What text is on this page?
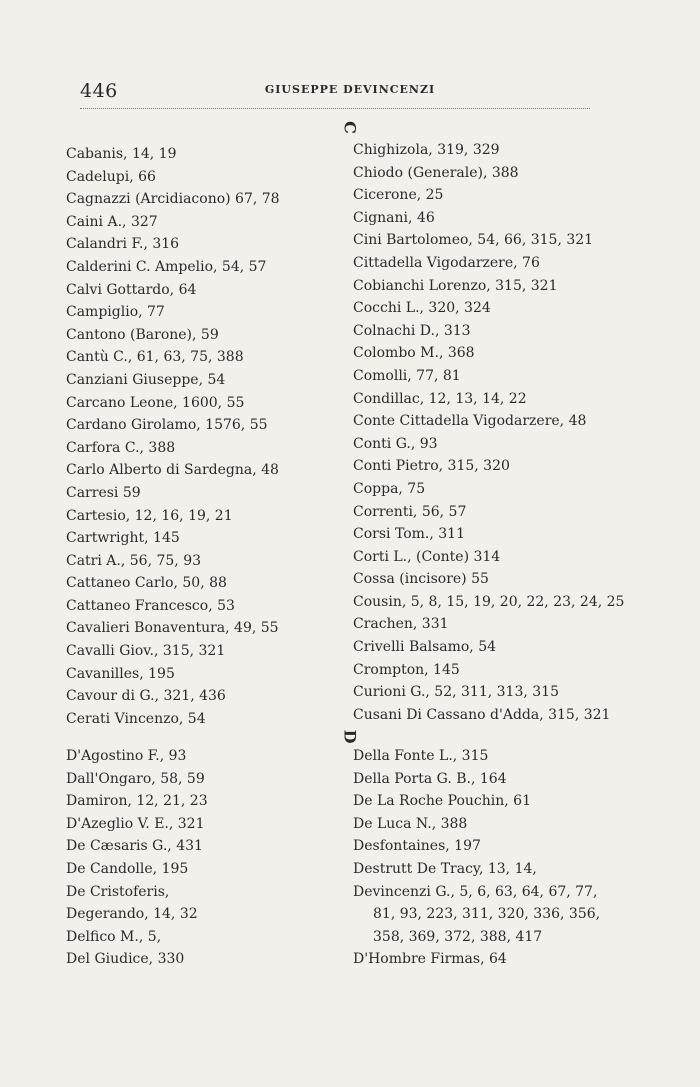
446	GIUSEPPE DEVINCENZI
C
Cabanis, 14, 19
Cadelupi, 66
Cagnazzi (Arcidiacono) 67, 78
Caini A., 327
Calandri F., 316
Calderini C. Ampelio, 54, 57
Calvi Gottardo, 64
Campiglio, 77
Cantono (Barone), 59
Cantù C., 61, 63, 75, 388
Canziani Giuseppe, 54
Carcano Leone, 1600, 55
Cardano Girolamo, 1576, 55
Carfora C., 388
Carlo Alberto di Sardegna, 48
Carresi 59
Cartesio, 12, 16, 19, 21
Cartwright, 145
Catri A., 56, 75, 93
Cattaneo Carlo, 50, 88
Cattaneo Francesco, 53
Cavalieri Bonaventura, 49, 55
Cavalli Giov., 315, 321
Cavanilles, 195
Cavour di G., 321, 436
Cerati Vincenzo, 54
Chighizola, 319, 329
Chiodo (Generale), 388
Cicerone, 25
Cignani, 46
Cini Bartolomeo, 54, 66, 315, 321
Cittadella Vigodarzere, 76
Cobianchi Lorenzo, 315, 321
Cocchi L., 320, 324
Colnachi D., 313
Colombo M., 368
Comolli, 77, 81
Condillac, 12, 13, 14, 22
Conte Cittadella Vigodarzere, 48
Conti G., 93
Conti Pietro, 315, 320
Coppa, 75
Correnti, 56, 57
Corsi Tom., 311
Corti L., (Conte) 314
Cossa (incisore) 55
Cousin, 5, 8, 15, 19, 20, 22, 23, 24, 25
Crachen, 331
Crivelli Balsamo, 54
Crompton, 145
Curioni G., 52, 311, 313, 315
Cusani Di Cassano d'Adda, 315, 321
D
D'Agostino F., 93
Dall'Ongaro, 58, 59
Damiron, 12, 21, 23
D'Azeglio V. E., 321
De Cæsaris G., 431
De Candolle, 195
De Cristoferis,
Degerando, 14, 32
Delfico M., 5,
Del Giudice, 330
Della Fonte L., 315
Della Porta G. B., 164
De La Roche Pouchin, 61
De Luca N., 388
Desfontaines, 197
Destrutt De Tracy, 13, 14,
Devincenzi G., 5, 6, 63, 64, 67, 77,
81, 93, 223, 311, 320, 336, 356,
358, 369, 372, 388, 417
D'Hombre Firmas, 64
